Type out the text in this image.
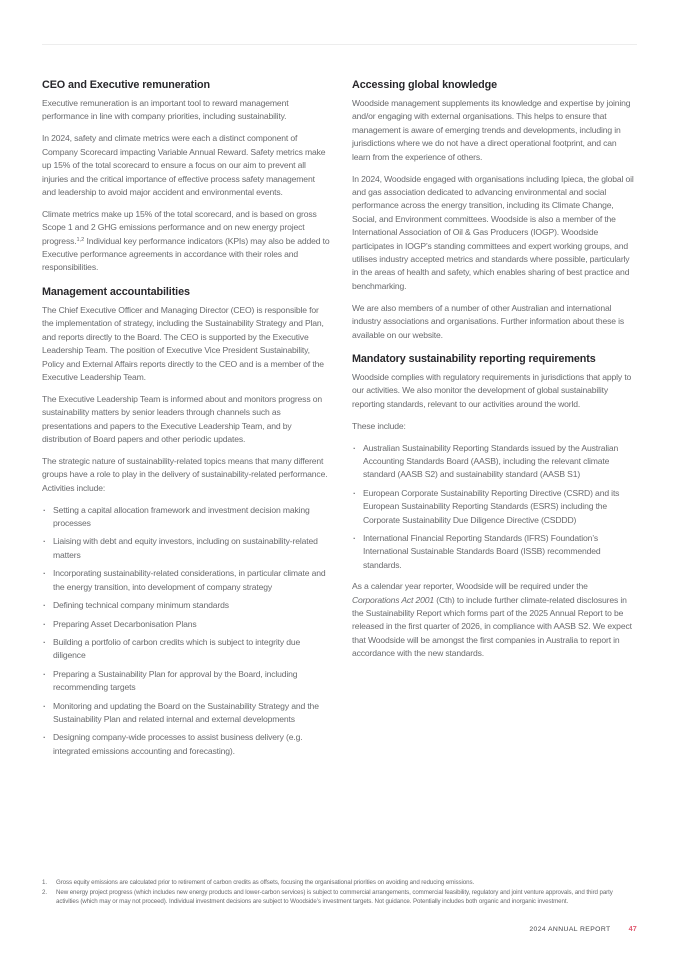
CEO and Executive remuneration

Executive remuneration is an important tool to reward management performance in line with company priorities, including sustainability.

In 2024, safety and climate metrics were each a distinct component of Company Scorecard impacting Variable Annual Reward. Safety metrics make up 15% of the total scorecard to ensure a focus on our aim to prevent all injuries and the critical importance of effective process safety management and leadership to avoid major accident and environmental events.

Climate metrics make up 15% of the total scorecard, and is based on gross Scope 1 and 2 GHG emissions performance and on new energy project progress.$^{1,2}$ Individual key performance indicators (KPIs) may also be added to Executive performance agreements in accordance with their roles and responsibilities.

Management accountabilities

The Chief Executive Officer and Managing Director (CEO) is responsible for the implementation of strategy, including the Sustainability Strategy and Plan, and reports directly to the Board. The CEO is supported by the Executive Leadership Team. The position of Executive Vice President Sustainability, Policy and External Affairs reports directly to the CEO and is a member of the Executive Leadership Team.

The Executive Leadership Team is informed about and monitors progress on sustainability matters by senior leaders through channels such as presentations and papers to the Executive Leadership Team, and by distribution of Board papers and other periodic updates.

The strategic nature of sustainability-related topics means that many different groups have a role to play in the delivery of sustainability-related performance. Activities include:

· Setting a capital allocation framework and investment decision making processes
· Liaising with debt and equity investors, including on sustainability-related matters
· Incorporating sustainability-related considerations, in particular climate and the energy transition, into development of company strategy
· Defining technical company minimum standards
· Preparing Asset Decarbonisation Plans
· Building a portfolio of carbon credits which is subject to integrity due diligence
· Preparing a Sustainability Plan for approval by the Board, including recommending targets
· Monitoring and updating the Board on the Sustainability Strategy and the Sustainability Plan and related internal and external developments
· Designing company-wide processes to assist business delivery (e.g. integrated emissions accounting and forecasting).
Accessing global knowledge

Woodside management supplements its knowledge and expertise by joining and/or engaging with external organisations. This helps to ensure that management is aware of emerging trends and developments, including in jurisdictions where we do not have a direct operational footprint, and can learn from the experience of others.

In 2024, Woodside engaged with organisations including Ipieca, the global oil and gas association dedicated to advancing environmental and social performance across the energy transition, including its Climate Change, Social, and Environment committees. Woodside is also a member of the International Association of Oil & Gas Producers (IOGP). Woodside participates in IOGP’s standing committees and expert working groups, and utilises industry accepted metrics and standards where possible, particularly in the areas of health and safety, which enables sharing of best practice and benchmarking.

We are also members of a number of other Australian and international industry associations and organisations. Further information about these is available on our website.

Mandatory sustainability reporting requirements

Woodside complies with regulatory requirements in jurisdictions that apply to our activities. We also monitor the development of global sustainability reporting standards, relevant to our activities around the world.

These include:

· Australian Sustainability Reporting Standards issued by the Australian Accounting Standards Board (AASB), including the relevant climate standard (AASB S2) and sustainability standard (AASB S1)
· European Corporate Sustainability Reporting Directive (CSRD) and its European Sustainability Reporting Standards (ESRS) including the Corporate Sustainability Due Diligence Directive (CSDDD)
· International Financial Reporting Standards (IFRS) Foundation’s International Sustainable Standards Board (ISSB) recommended standards.

As a calendar year reporter, Woodside will be required under the Corporations Act 2001 (Cth) to include further climate-related disclosures in the Sustainability Report which forms part of the 2025 Annual Report to be released in the first quarter of 2026, in compliance with AASB S2. We expect that Woodside will be amongst the first companies in Australia to report in accordance with the new standards.

1. Gross equity emissions are calculated prior to retirement of carbon credits as offsets, focusing the organisational priorities on avoiding and reducing emissions.
2. New energy project progress (which includes new energy products and lower-carbon services) is subject to commercial arrangements, commercial feasibility, regulatory and joint venture approvals, and third party activities (which may or may not proceed). Individual investment decisions are subject to Woodside’s investment targets. Not guidance. Potentially includes both organic and inorganic investment.
2024 ANNUAL REPORT	47
